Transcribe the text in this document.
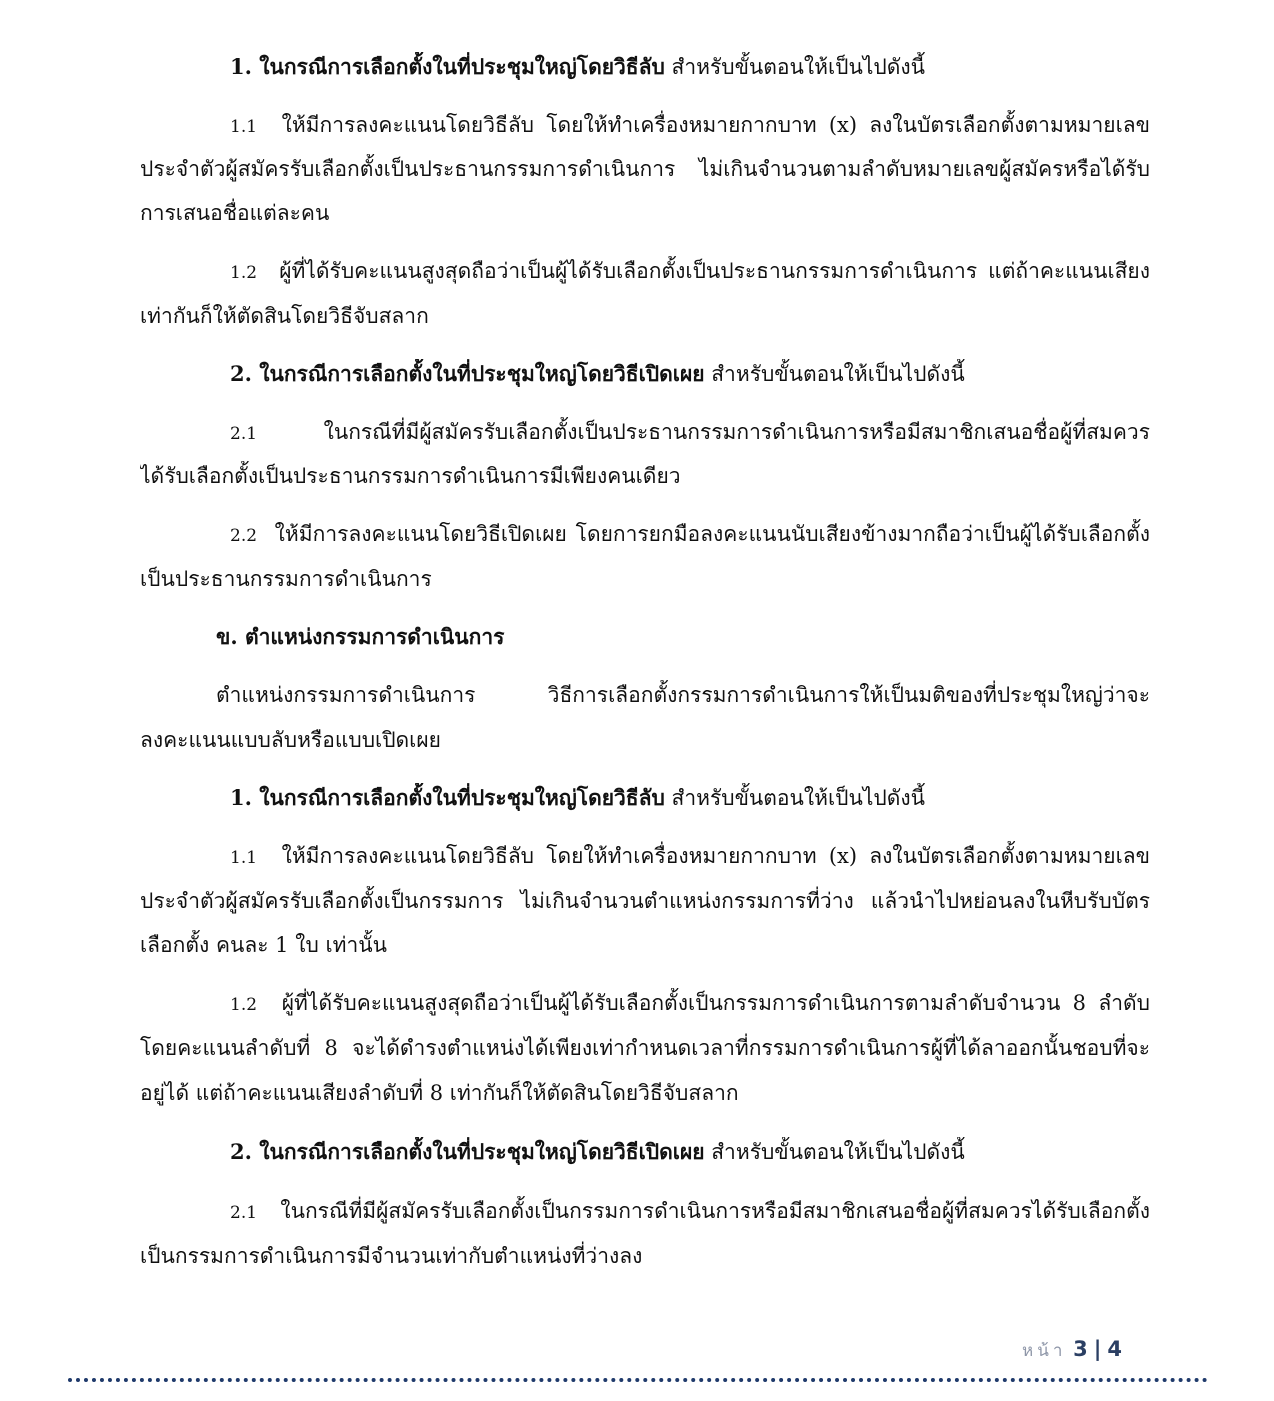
1. ในกรณีการเลือกตั้งในที่ประชุมใหญ่โดยวิธีลับ สำหรับขั้นตอนให้เป็นไปดังนี้
1.1 ให้มีการลงคะแนนโดยวิธีลับ โดยให้ทำเครื่องหมายกากบาท (x) ลงในบัตรเลือกตั้งตามหมายเลข
ประจำตัวผู้สมัครรับเลือกตั้งเป็นประธานกรรมการดำเนินการ ไม่เกินจำนวนตามลำดับหมายเลขผู้สมัครหรือได้รับ
การเสนอชื่อแต่ละคน
1.2 ผู้ที่ได้รับคะแนนสูงสุดถือว่าเป็นผู้ได้รับเลือกตั้งเป็นประธานกรรมการดำเนินการ แต่ถ้าคะแนนเสียง
เท่ากันก็ให้ตัดสินโดยวิธีจับสลาก
2. ในกรณีการเลือกตั้งในที่ประชุมใหญ่โดยวิธีเปิดเผย สำหรับขั้นตอนให้เป็นไปดังนี้
2.1	ในกรณีที่มีผู้สมัครรับเลือกตั้งเป็นประธานกรรมการดำเนินการหรือมีสมาชิกเสนอชื่อผู้ที่สมควร
ได้รับเลือกตั้งเป็นประธานกรรมการดำเนินการมีเพียงคนเดียว
2.2 ให้มีการลงคะแนนโดยวิธีเปิดเผย โดยการยกมือลงคะแนนนับเสียงข้างมากถือว่าเป็นผู้ได้รับเลือกตั้ง
เป็นประธานกรรมการดำเนินการ
ข. ตำแหน่งกรรมการดำเนินการ
ตำแหน่งกรรมการดำเนินการ วิธีการเลือกตั้งกรรมการดำเนินการให้เป็นมติของที่ประชุมใหญ่ว่าจะ
ลงคะแนนแบบลับหรือแบบเปิดเผย
1. ในกรณีการเลือกตั้งในที่ประชุมใหญ่โดยวิธีลับ สำหรับขั้นตอนให้เป็นไปดังนี้
1.1 ให้มีการลงคะแนนโดยวิธีลับ โดยให้ทำเครื่องหมายกากบาท (x) ลงในบัตรเลือกตั้งตามหมายเลข
ประจำตัวผู้สมัครรับเลือกตั้งเป็นกรรมการ ไม่เกินจำนวนตำแหน่งกรรมการที่ว่าง แล้วนำไปหย่อนลงในหีบรับบัตร
เลือกตั้ง คนละ 1 ใบ เท่านั้น
1.2 ผู้ที่ได้รับคะแนนสูงสุดถือว่าเป็นผู้ได้รับเลือกตั้งเป็นกรรมการดำเนินการตามลำดับจำนวน 8 ลำดับ
โดยคะแนนลำดับที่ 8 จะได้ดำรงตำแหน่งได้เพียงเท่ากำหนดเวลาที่กรรมการดำเนินการผู้ที่ได้ลาออกนั้นชอบที่จะ
อยู่ได้ แต่ถ้าคะแนนเสียงลำดับที่ 8 เท่ากันก็ให้ตัดสินโดยวิธีจับสลาก
2. ในกรณีการเลือกตั้งในที่ประชุมใหญ่โดยวิธีเปิดเผย สำหรับขั้นตอนให้เป็นไปดังนี้
2.1 ในกรณีที่มีผู้สมัครรับเลือกตั้งเป็นกรรมการดำเนินการหรือมีสมาชิกเสนอชื่อผู้ที่สมควรได้รับเลือกตั้ง
เป็นกรรมการดำเนินการมีจำนวนเท่ากับตำแหน่งที่ว่างลง
หน้า 3 | 4
